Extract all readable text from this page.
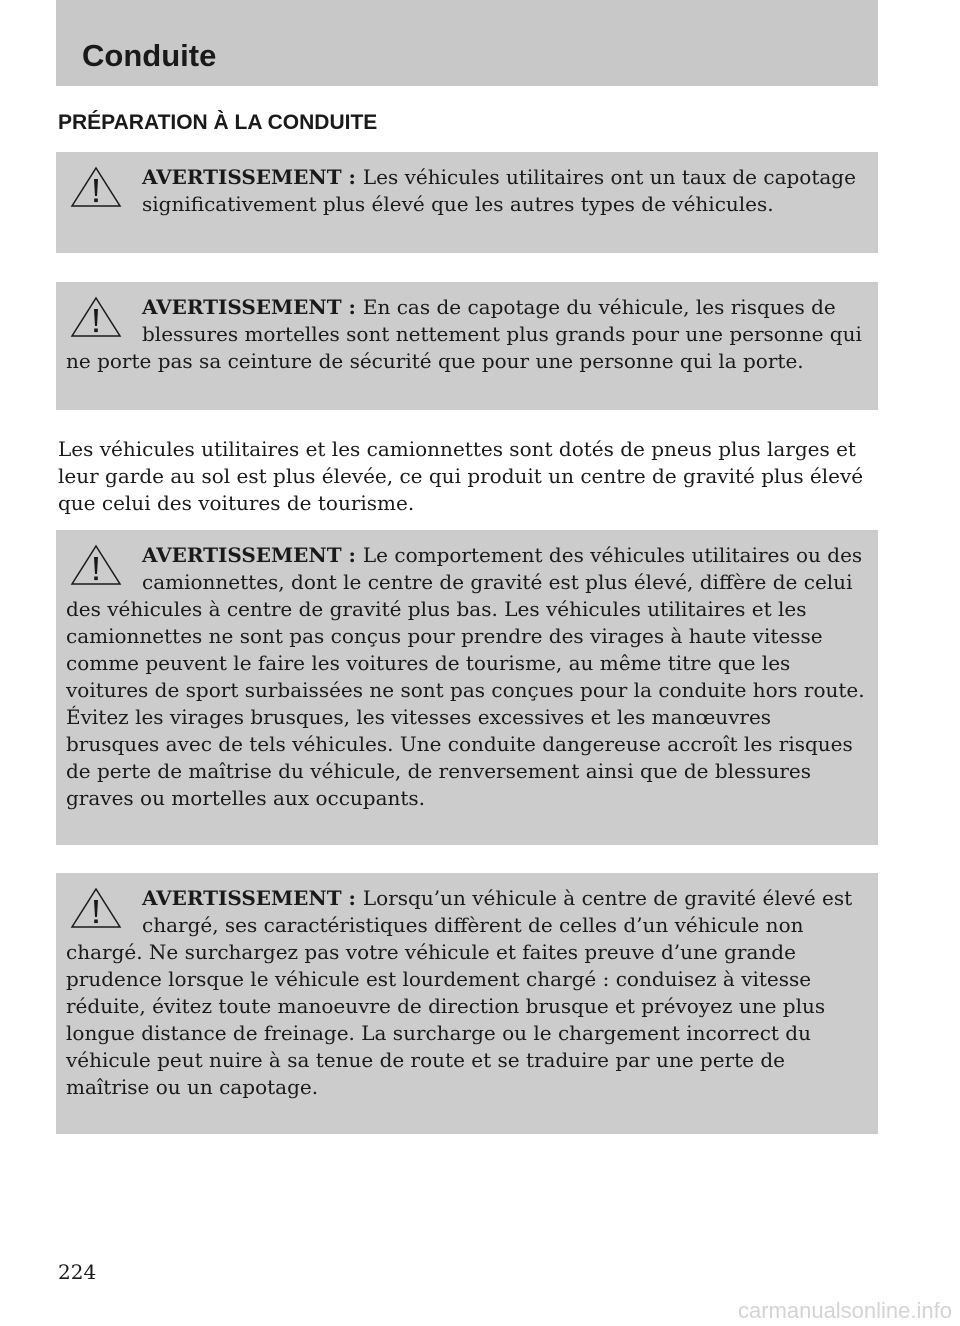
Conduite
PRÉPARATION À LA CONDUITE

AVERTISSEMENT : Les véhicules utilitaires ont un taux de capotage significativement plus élevé que les autres types de véhicules.

AVERTISSEMENT : En cas de capotage du véhicule, les risques de blessures mortelles sont nettement plus grands pour une personne qui ne porte pas sa ceinture de sécurité que pour une personne qui la porte.

Les véhicules utilitaires et les camionnettes sont dotés de pneus plus larges et leur garde au sol est plus élevée, ce qui produit un centre de gravité plus élevé que celui des voitures de tourisme.

AVERTISSEMENT : Le comportement des véhicules utilitaires ou des camionnettes, dont le centre de gravité est plus élevé, diffère de celui des véhicules à centre de gravité plus bas. Les véhicules utilitaires et les camionnettes ne sont pas conçus pour prendre des virages à haute vitesse comme peuvent le faire les voitures de tourisme, au même titre que les voitures de sport surbaissées ne sont pas conçues pour la conduite hors route. Évitez les virages brusques, les vitesses excessives et les manœuvres brusques avec de tels véhicules. Une conduite dangereuse accroît les risques de perte de maîtrise du véhicule, de renversement ainsi que de blessures graves ou mortelles aux occupants.

AVERTISSEMENT : Lorsqu’un véhicule à centre de gravité élevé est chargé, ses caractéristiques diffèrent de celles d’un véhicule non chargé. Ne surchargez pas votre véhicule et faites preuve d’une grande prudence lorsque le véhicule est lourdement chargé : conduisez à vitesse réduite, évitez toute manoeuvre de direction brusque et prévoyez une plus longue distance de freinage. La surcharge ou le chargement incorrect du véhicule peut nuire à sa tenue de route et se traduire par une perte de maîtrise ou un capotage.

224
carmanualsonline.info
